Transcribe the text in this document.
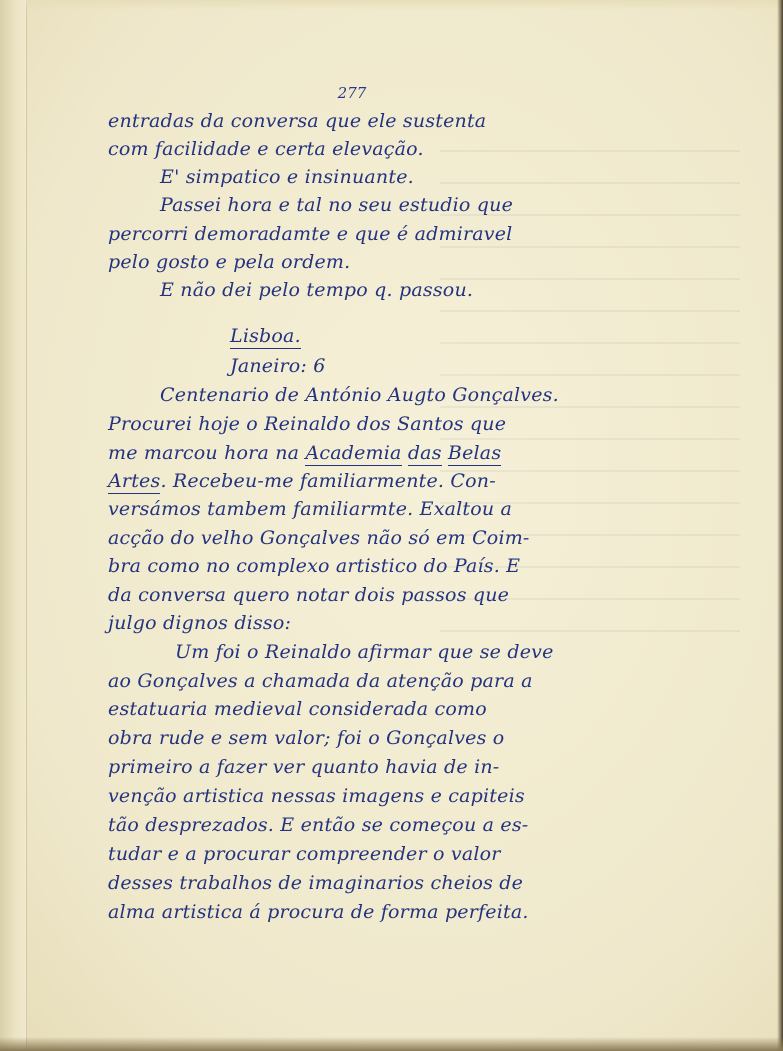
277
entradas da conversa que ele sustenta
com facilidade e certa elevação.
E' simpatico e insinuante.
Passei hora e tal no seu estudio que
percorri demoradamte e que é admiravel
pelo gosto e pela ordem.
E não dei pelo tempo q. passou.
Lisboa.
Janeiro: 6
Centenario de António Augto Gonçalves.
Procurei hoje o Reinaldo dos Santos que
me marcou hora na Academia das Belas
Artes. Recebeu-me familiarmente. Con-
versámos tambem familiarmte. Exaltou a
acção do velho Gonçalves não só em Coim-
bra como no complexo artistico do País. E
da conversa quero notar dois passos que
julgo dignos disso:
Um foi o Reinaldo afirmar que se deve
ao Gonçalves a chamada da atenção para a
estatuaria medieval considerada como
obra rude e sem valor; foi o Gonçalves o
primeiro a fazer ver quanto havia de in-
venção artistica nessas imagens e capiteis
tão desprezados. E então se começou a es-
tudar e a procurar compreender o valor
desses trabalhos de imaginarios cheios de
alma artistica á procura de forma perfeita.
